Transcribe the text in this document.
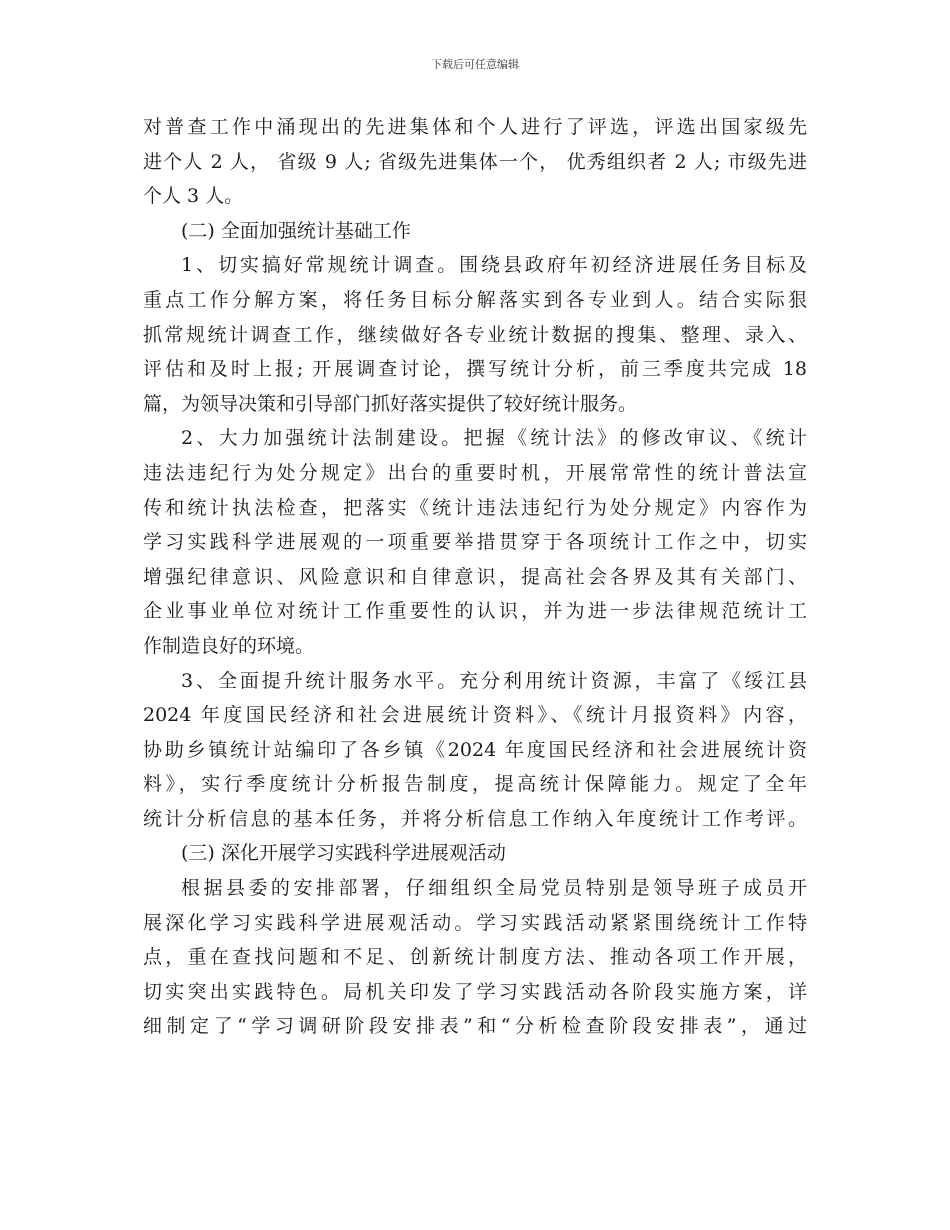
下载后可任意编辑
对普查工作中涌现出的先进集体和个人进行了评选，评选出国家级先
进个人 2 人， 省级 9 人; 省级先进集体一个， 优秀组织者 2 人; 市级先进
个人 3 人。
(二) 全面加强统计基础工作
1、切实搞好常规统计调查。围绕县政府年初经济进展任务目标及
重点工作分解方案，将任务目标分解落实到各专业到人。结合实际狠
抓常规统计调查工作，继续做好各专业统计数据的搜集、整理、录入、
评估和及时上报; 开展调查讨论，撰写统计分析，前三季度共完成 18
篇，为领导决策和引导部门抓好落实提供了较好统计服务。
2、大力加强统计法制建设。把握《统计法》的修改审议、《统计
违法违纪行为处分规定》出台的重要时机，开展常常性的统计普法宣
传和统计执法检查，把落实《统计违法违纪行为处分规定》内容作为
学习实践科学进展观的一项重要举措贯穿于各项统计工作之中，切实
增强纪律意识、风险意识和自律意识，提高社会各界及其有关部门、
企业事业单位对统计工作重要性的认识，并为进一步法律规范统计工
作制造良好的环境。
3、全面提升统计服务水平。充分利用统计资源，丰富了《绥江县
2024 年度国民经济和社会进展统计资料》、《统计月报资料》内容，
协助乡镇统计站编印了各乡镇《2024 年度国民经济和社会进展统计资
料》，实行季度统计分析报告制度，提高统计保障能力。规定了全年
统计分析信息的基本任务，并将分析信息工作纳入年度统计工作考评。
(三) 深化开展学习实践科学进展观活动
根据县委的安排部署，仔细组织全局党员特别是领导班子成员开
展深化学习实践科学进展观活动。学习实践活动紧紧围绕统计工作特
点，重在查找问题和不足、创新统计制度方法、推动各项工作开展，
切实突出实践特色。局机关印发了学习实践活动各阶段实施方案，详
细制定了“学习调研阶段安排表”和“分析检查阶段安排表”，通过
